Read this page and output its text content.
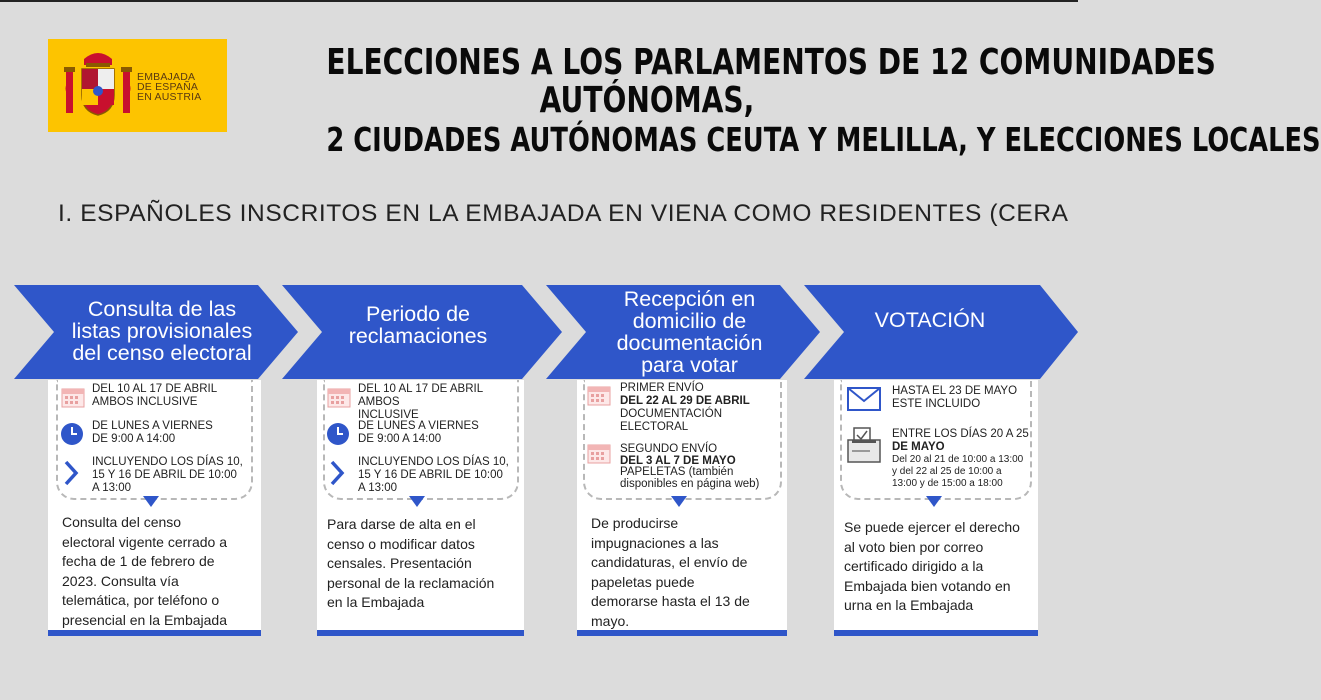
EMBAJADA
DE ESPAÑA
EN AUSTRIA
ELECCIONES A LOS PARLAMENTOS DE 12 COMUNIDADES
AUTÓNOMAS,
2 CIUDADES AUTÓNOMAS CEUTA Y MELILLA, Y ELECCIONES LOCALES
I. ESPAÑOLES INSCRITOS EN LA EMBAJADA EN VIENA COMO RESIDENTES (CERA
Consulta de las
listas provisionales
del censo electoral
Periodo de
reclamaciones
Recepción en
domicilio de
documentación
para votar
VOTACIÓN
DEL 10 AL 17 DE ABRIL
AMBOS INCLUSIVE
DE LUNES A VIERNES
DE 9:00 A 14:00
INCLUYENDO LOS DÍAS 10,
15 Y 16 DE ABRIL DE 10:00
A 13:00
Consulta del censo
electoral vigente cerrado a
fecha de 1 de febrero de
2023. Consulta vía
telemática, por teléfono o
presencial en la Embajada
DEL 10 AL 17 DE ABRIL AMBOS
INCLUSIVE
DE LUNES A VIERNES
DE 9:00 A 14:00
INCLUYENDO LOS DÍAS 10,
15 Y 16 DE ABRIL DE 10:00
A 13:00
Para darse de alta en el
censo o modificar datos
censales. Presentación
personal de la reclamación
en la Embajada
PRIMER ENVÍO
DEL 22 AL 29 DE ABRIL
DOCUMENTACIÓN
ELECTORAL
SEGUNDO ENVÍO
DEL 3 AL 7 DE MAYO
PAPELETAS (también
disponibles en página web)
De producirse
impugnaciones a las
candidaturas, el envío de
papeletas puede
demorarse hasta el 13 de
mayo.
HASTA EL 23 DE MAYO
ESTE INCLUIDO
ENTRE LOS DÍAS 20 A 25
DE MAYO
Del 20 al 21 de 10:00 a 13:00
y del 22 al 25 de 10:00 a
13:00 y de 15:00 a 18:00
Se puede ejercer el derecho
al voto bien por correo
certificado dirigido a la
Embajada bien votando en
urna en la Embajada
